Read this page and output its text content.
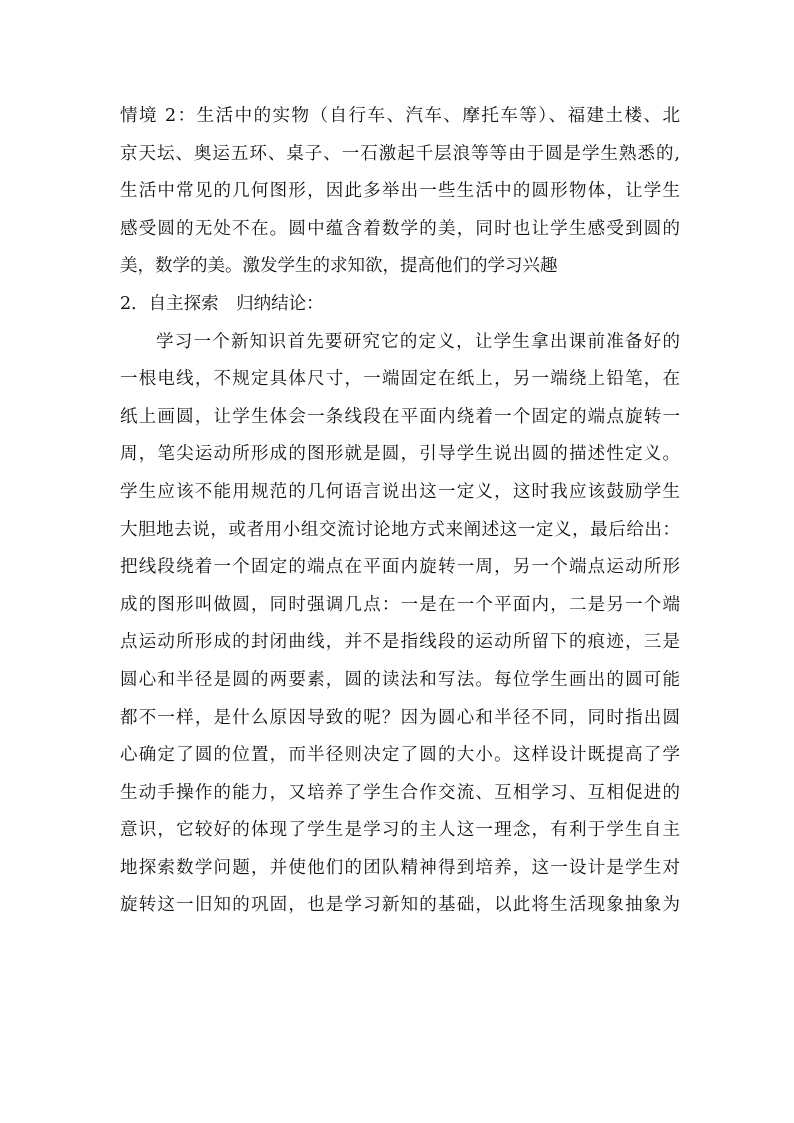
情境 2：生活中的实物（自行车、汽车、摩托车等）、福建土楼、北
京天坛、奥运五环、桌子、一石激起千层浪等等由于圆是学生熟悉的,
生活中常见的几何图形，因此多举出一些生活中的圆形物体，让学生
感受圆的无处不在。圆中蕴含着数学的美，同时也让学生感受到圆的
美，数学的美。激发学生的求知欲，提高他们的学习兴趣
2．自主探索　归纳结论：
学习一个新知识首先要研究它的定义，让学生拿出课前准备好的
一根电线，不规定具体尺寸，一端固定在纸上，另一端绕上铅笔，在
纸上画圆，让学生体会一条线段在平面内绕着一个固定的端点旋转一
周，笔尖运动所形成的图形就是圆，引导学生说出圆的描述性定义。
学生应该不能用规范的几何语言说出这一定义，这时我应该鼓励学生
大胆地去说，或者用小组交流讨论地方式来阐述这一定义，最后给出：
把线段绕着一个固定的端点在平面内旋转一周，另一个端点运动所形
成的图形叫做圆，同时强调几点：一是在一个平面内，二是另一个端
点运动所形成的封闭曲线，并不是指线段的运动所留下的痕迹，三是
圆心和半径是圆的两要素，圆的读法和写法。每位学生画出的圆可能
都不一样，是什么原因导致的呢？因为圆心和半径不同，同时指出圆
心确定了圆的位置，而半径则决定了圆的大小。这样设计既提高了学
生动手操作的能力，又培养了学生合作交流、互相学习、互相促进的
意识，它较好的体现了学生是学习的主人这一理念，有利于学生自主
地探索数学问题，并使他们的团队精神得到培养，这一设计是学生对
旋转这一旧知的巩固，也是学习新知的基础，以此将生活现象抽象为
